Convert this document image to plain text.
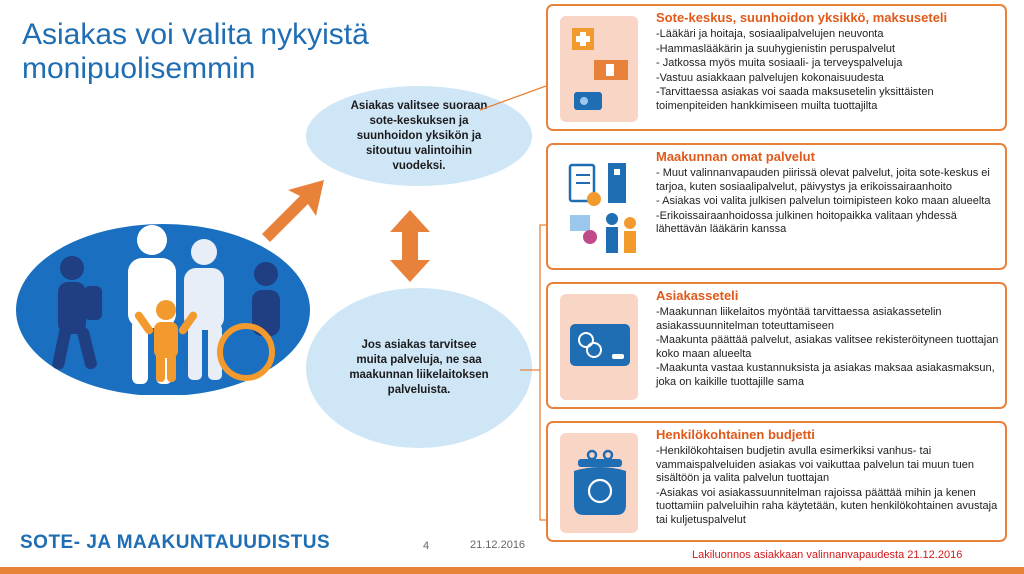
Asiakas voi valita nykyistä
monipuolisemmin
Asiakas valitsee suoraan sote-keskuksen ja suunhoidon yksikön ja sitoutuu valintoihin vuodeksi.
Jos asiakas tarvitsee muita palveluja, ne saa maakunnan liikelaitoksen palveluista.
Sote-keskus, suunhoidon yksikkö, maksuseteli
-Lääkäri ja hoitaja, sosiaalipalvelujen neuvonta
-Hammaslääkärin ja suuhygienistin peruspalvelut
- Jatkossa myös muita sosiaali- ja terveyspalveluja
-Vastuu asiakkaan palvelujen kokonaisuudesta
-Tarvittaessa asiakas voi saada maksusetelin yksittäisten toimenpiteiden hankkimiseen muilta tuottajilta
Maakunnan omat palvelut
- Muut valinnanvapauden piirissä olevat palvelut, joita sote-keskus ei tarjoa, kuten sosiaalipalvelut, päivystys ja erikoissairaanhoito
- Asiakas voi valita julkisen palvelun toimipisteen koko maan alueelta
-Erikoissairaanhoidossa julkinen hoitopaikka valitaan yhdessä lähettävän lääkärin kanssa
Asiakasseteli
-Maakunnan liikelaitos myöntää tarvittaessa asiakassetelin asiakassuunnitelman toteuttamiseen
-Maakunta päättää palvelut, asiakas valitsee rekisteröityneen tuottajan koko maan alueelta
-Maakunta vastaa kustannuksista ja asiakas maksaa asiakasmaksun, joka on kaikille tuottajille sama
Henkilökohtainen budjetti
-Henkilökohtaisen budjetin avulla esimerkiksi vanhus- tai vammaispalveluiden asiakas voi vaikuttaa palvelun tai muun tuen sisältöön ja valita palvelun tuottajan
-Asiakas voi asiakassuunnitelman rajoissa päättää mihin ja kenen tuottamiin palveluihin raha käytetään, kuten henkilökohtainen avustaja tai kuljetuspalvelut
SOTE- JA MAAKUNTAUUDISTUS	4	21.12.2016
Lakiluonnos asiakkaan valinnanvapaudesta 21.12.2016
